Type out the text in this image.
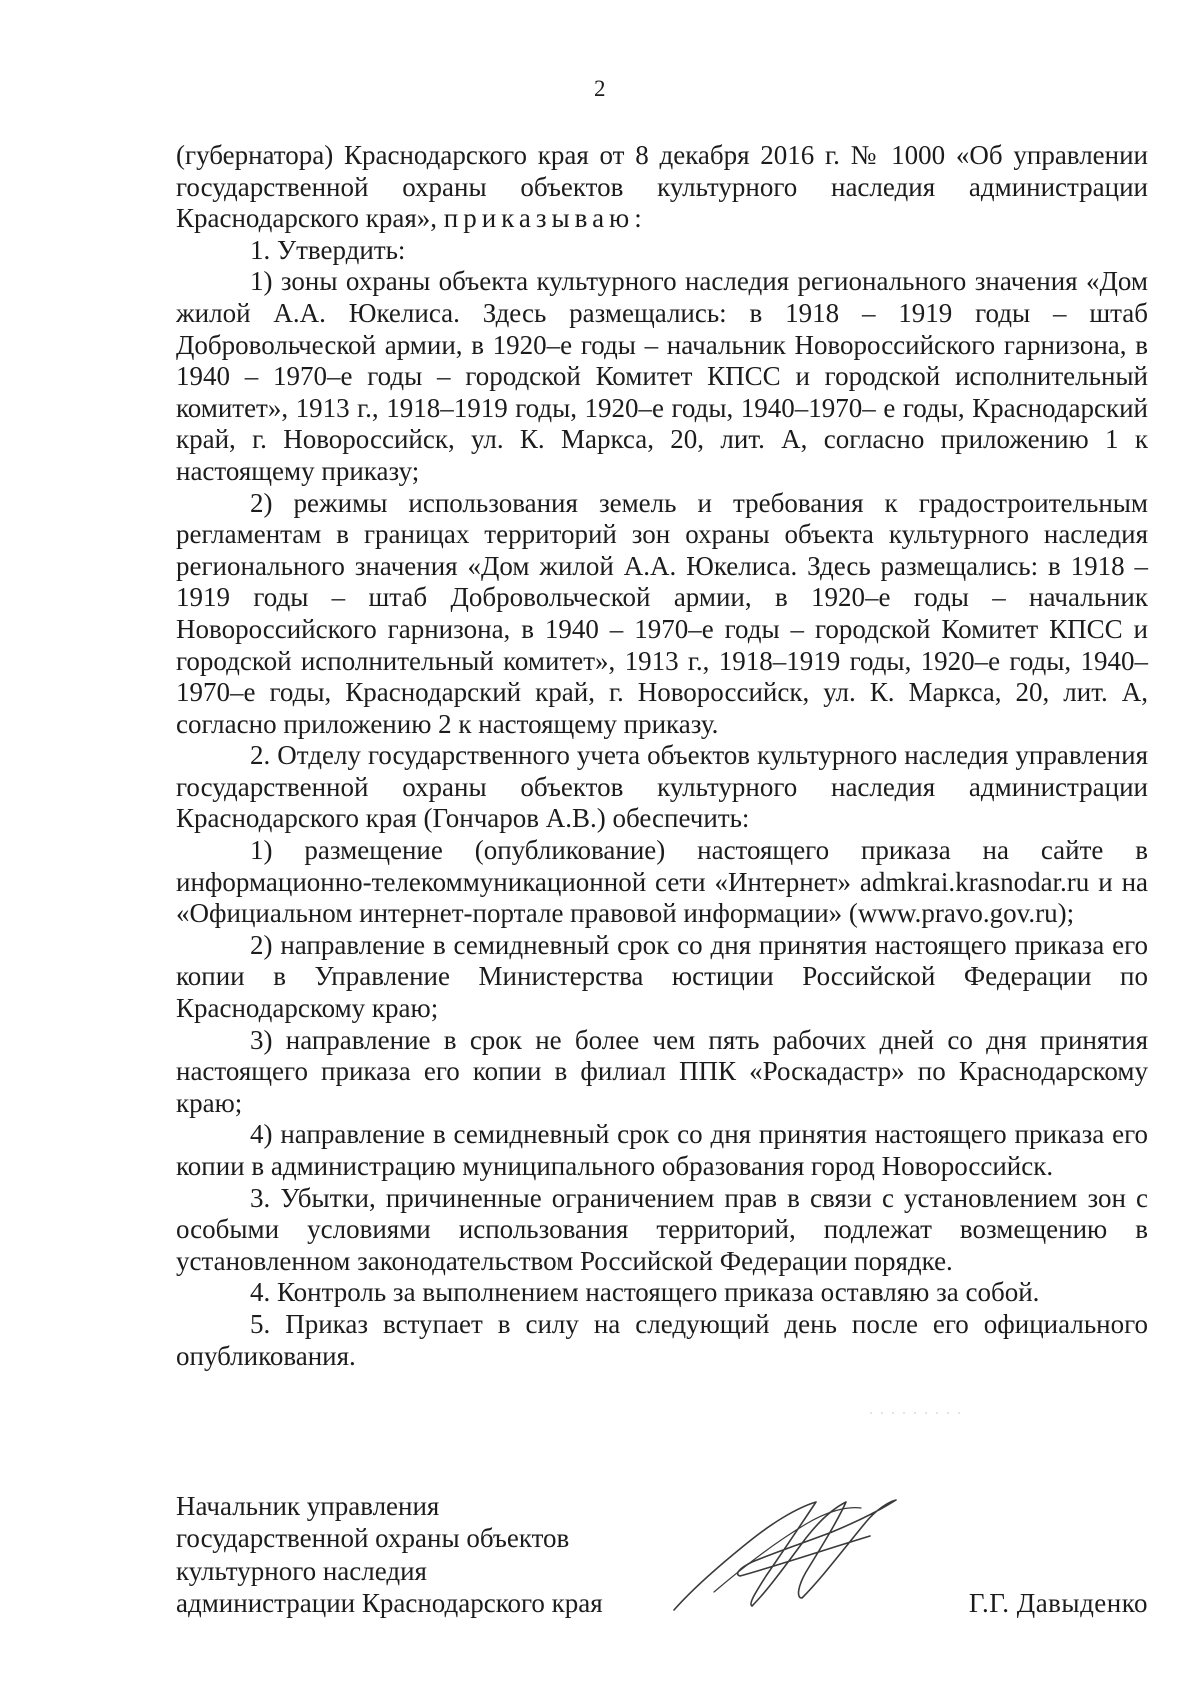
2

(губернатора) Краснодарского края от 8 декабря 2016 г. № 1000 «Об управлении государственной охраны объектов культурного наследия администрации Краснодарского края», приказываю:

1. Утвердить:

1) зоны охраны объекта культурного наследия регионального значения «Дом жилой А.А. Юкелиса. Здесь размещались: в 1918 – 1919 годы – штаб Добровольческой армии, в 1920–е годы – начальник Новороссийского гарнизона, в 1940 – 1970–е годы – городской Комитет КПСС и городской исполнительный комитет», 1913 г., 1918–1919 годы, 1920–е годы, 1940–1970– е годы, Краснодарский край, г. Новороссийск, ул. К. Маркса, 20, лит. А, согласно приложению 1 к настоящему приказу;

2) режимы использования земель и требования к градостроительным регламентам в границах территорий зон охраны объекта культурного наследия регионального значения «Дом жилой А.А. Юкелиса. Здесь размещались: в 1918 – 1919 годы – штаб Добровольческой армии, в 1920–е годы – начальник Новороссийского гарнизона, в 1940 – 1970–е годы – городской Комитет КПСС и городской исполнительный комитет», 1913 г., 1918–1919 годы, 1920–е годы, 1940–1970–е годы, Краснодарский край, г. Новороссийск, ул. К. Маркса, 20, лит. А, согласно приложению 2 к настоящему приказу.

2. Отделу государственного учета объектов культурного наследия управления государственной охраны объектов культурного наследия администрации Краснодарского края (Гончаров А.В.) обеспечить:

1) размещение (опубликование) настоящего приказа на сайте в информационно-телекоммуникационной сети «Интернет» admkrai.krasnodar.ru и на «Официальном интернет-портале правовой информации» (www.pravo.gov.ru);

2) направление в семидневный срок со дня принятия настоящего приказа его копии в Управление Министерства юстиции Российской Федерации по Краснодарскому краю;

3) направление в срок не более чем пять рабочих дней со дня принятия настоящего приказа его копии в филиал ППК «Роскадастр» по Краснодарскому краю;

4) направление в семидневный срок со дня принятия настоящего приказа его копии в администрацию муниципального образования город Новороссийск.

3. Убытки, причиненные ограничением прав в связи с установлением зон с особыми условиями использования территорий, подлежат возмещению в установленном законодательством Российской Федерации порядке.

4. Контроль за выполнением настоящего приказа оставляю за собой.

5. Приказ вступает в силу на следующий день после его официального опубликования.

Начальник управления
государственной охраны объектов
культурного наследия
администрации Краснодарского края	Г.Г. Давыденко
